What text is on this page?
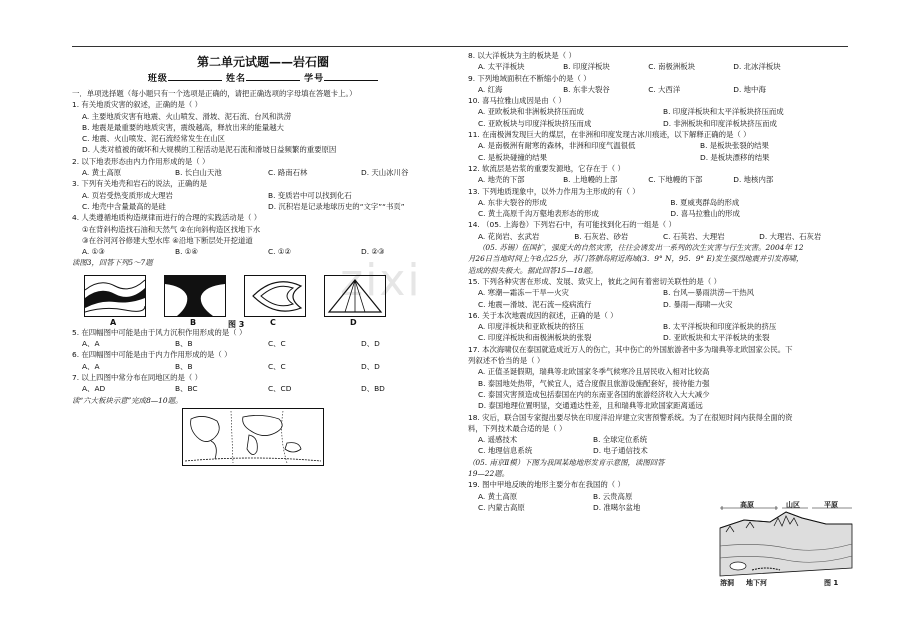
zixi
第二单元试题——岩石圈
班级	姓名	学号
一．单项选择题（每小题只有一个选项是正确的，请把正确选项的字母填在答题卡上。）
1. 有关地质灾害的叙述，正确的是（ ）
A. 主要地质灾害有地震、火山喷发、滑坡、泥石流、台风和洪涝
B. 地震是最重要的地质灾害，震级越高，释放出来的能量越大
C. 地震、火山喷发、泥石流经常发生在山区
D. 人类对植被的破坏和大规模的工程活动是泥石流和滑坡日益频繁的重要原因
2. 以下地表形态由内力作用形成的是（ ）
A. 黄土高原	B. 长白山天池	C. 路南石林	D. 天山冰川谷
3. 下列有关地壳和岩石的说法，正确的是
A. 页岩受热变质形成大理岩	B. 变质岩中可以找到化石
C. 地壳中含量最高的是硅	D. 沉积岩是记录地球历史的“文字”“书页”
4. 人类遵循地质构造规律而进行的合理的实践活动是（ ）
①在背斜构造找石油和天然气 ②在向斜构造区找地下水
③在谷河河谷修建大型水库 ④沿地下断层处开挖道道
A. ①③	B. ①④	C. ①②	D. ②③
读图3，回答下列5～7题
A	B	C	D
图 3
5. 在四幅图中可能是由于风力沉积作用形成的是（ ）
A、A	B、B	C、C	D、D
6. 在四幅图中可能是由于内力作用形成的是（ ）
A、A	B、B	C、C	D、D
7. 以上四图中常分布在同地区的是（ ）
A、AD	B、BC	C、CD	D、BD
读“六大板块示意”完成8—10题。
8. 以大洋板块为主的板块是（ ）
A. 太平洋板块	B. 印度洋板块	C. 南极洲板块	D. 北冰洋板块
9. 下列地域面积在不断缩小的是（ ）
A. 红海	B. 东非大裂谷	C. 大西洋	D. 地中海
10. 喜马拉雅山成因是由（ ）
A. 亚欧板块和非洲板块挤压而成	B. 印度洋板块和太平洋板块挤压而成
C. 亚欧板块与印度洋板块挤压而成	D. 非洲板块和印度洋板块挤压而成
11. 在南极洲发现巨大的煤层，在非洲和印度发现古冰川痕迹，以下解释正确的是（ ）
A. 是南极洲有耐寒的森林，非洲和印度气温很低	B. 是板块张裂的结果
C. 是板块碰撞的结果	D. 是板块漂移的结果
12. 软流层是岩浆的重要发源地，它存在于（ ）
A. 地壳的下部	B. 上地幔的上部	C. 下地幔的下部	D. 地核内部
13. 下列地质现象中，以外力作用为主形成的有（ ）
A. 东非大裂谷的形成	B. 夏威夷群岛的形成
C. 黄土高原千沟万壑地表形态的形成	D. 喜马拉雅山的形成
14. （05. 上海卷）下列岩石中，有可能找到化石的一组是（ ）
A. 花岗岩、玄武岩	B. 石灰岩、砂岩	C. 石英岩、大理岩	D. 大理岩、石灰岩
（05. 苏锡）伍国扩，强度大的自然灾害，往往会诱发出一系列的次生灾害与行生灾害。2004年 12
月26日当地时间上午8点25分，苏门答腊岛附近海域(3．9° N，95．9° E)发生强烈地震并引发海啸，
造成的损失极大。据此回答15—18题。
15. 下列各种灾害在形成、发展、致灾上，彼此之间有着密切关联性的是（ ）
A. 寒潮—霜冻—干旱—火灾	B. 台风—暴雨洪涝—干热风
C. 地震—滑坡、泥石流—疫病流行	D. 暴雨—海啸—火灾
16. 关于本次地震成因的叙述，正确的是（ ）
A. 印度洋板块和亚欧板块的挤压	B. 太平洋板块和印度洋板块的挤压
C. 印度洋板块和南极洲板块的张裂	D. 亚欧板块和太平洋板块的张裂
17. 本次海啸仅在泰国就造成近万人的伤亡，其中伤亡的外国旅游者中多为瑞典等北欧国家公民。下
列叙述不恰当的是（ ）
A. 正值圣诞假期，瑞典等北欧国家冬季气候寒冷且居民收入相对比较高
B. 泰国地处热带，气候宜人，适合度假且旅游设施配套好，接待能力强
C. 泰国灾害预造成包括泰国在内的东南亚各国的旅游经济收入大大减少
D. 泰国地理位置明显，交通通达性差，且和瑞典等北欧国家距离遥远
18. 灾后，联合国专家提出要尽快在印度洋沿岸建立灾害预警系统。为了在很短时间内获得全面的资
料，下列技术最合适的是（ ）
A. 遥感技术	B. 全球定位系统
C. 地理信息系统	D. 电子通信技术
（05. 南京Ⅱ模）下图为我国某地地形发育示意图，读图回答
19—22题。
19. 图中甲地反映的地形主要分布在我国的（ ）
A. 黄土高原	B. 云贵高原
C. 内蒙古高原	D. 准噶尔盆地	高原	山区	平原
溶洞 地下河	图 1
